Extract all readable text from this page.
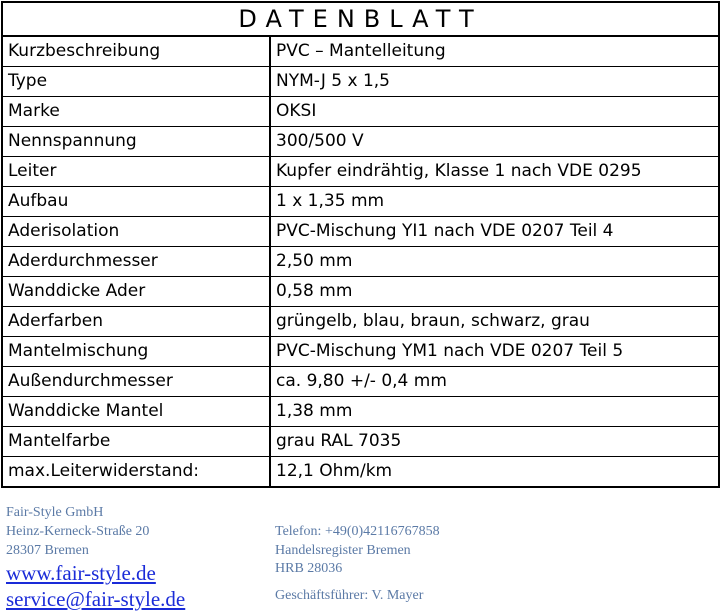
DATENBLATT	
Kurzbeschreibung	PVC – Mantelleitung
Type	NYM-J 5 x 1,5
Marke	OKSI
Nennspannung	300/500 V
Leiter	Kupfer eindrähtig, Klasse 1 nach VDE 0295
Aufbau	1 x 1,35 mm
Aderisolation	PVC-Mischung YI1 nach VDE 0207 Teil 4
Aderdurchmesser	2,50 mm
Wanddicke Ader	0,58 mm
Aderfarben	grüngelb, blau, braun, schwarz, grau
Mantelmischung	PVC-Mischung YM1 nach VDE 0207 Teil 5
Außendurchmesser	ca. 9,80 +/- 0,4 mm
Wanddicke Mantel	1,38 mm
Mantelfarbe	grau RAL 7035
max.Leiterwiderstand:	12,1 Ohm/km
Fair-Style GmbH
Heinz-Kerneck-Straße 20
28307 Bremen
www.fair-style.de
service@fair-style.de
Telefon: +49(0)42116767858
Handelsregister Bremen
HRB 28036
Geschäftsführer: V. Mayer
